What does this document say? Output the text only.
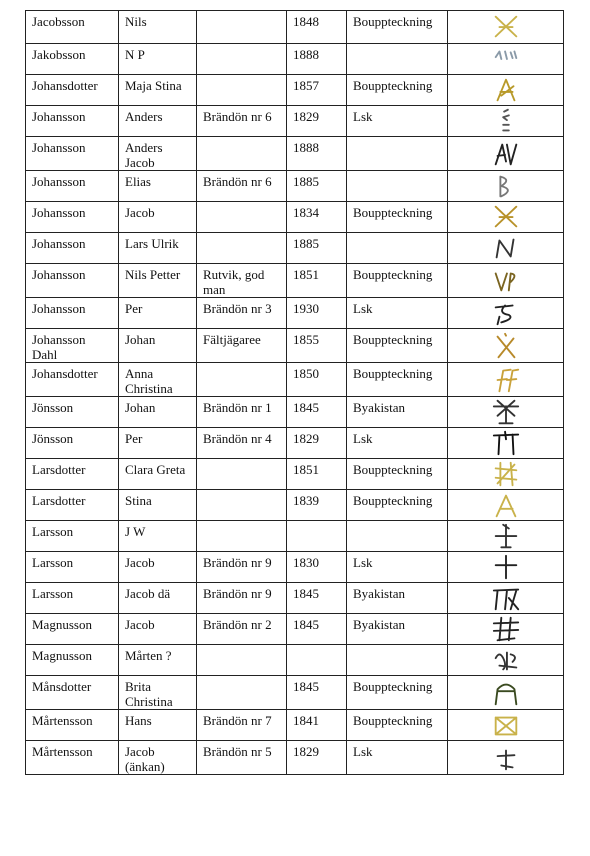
Jacobsson	Nils		1848	Bouppteckning	

Jakobsson	N P		1888		

Johansdotter	Maja Stina		1857	Bouppteckning	

Johansson	Anders	Brändön nr 6	1829	Lsk	

Johansson	Anders Jacob		1888		

Johansson	Elias	Brändön nr 6	1885		

Johansson	Jacob		1834	Bouppteckning	

Johansson	Lars Ulrik		1885		

Johansson	Nils Petter	Rutvik, god man	1851	Bouppteckning	

Johansson	Per	Brändön nr 3	1930	Lsk	

Johansson Dahl	Johan	Fältjägaree	1855	Bouppteckning	

Johansdotter	Anna Christina		1850	Bouppteckning	

Jönsson	Johan	Brändön nr 1	1845	Byakistan	

Jönsson	Per	Brändön nr 4	1829	Lsk	

Larsdotter	Clara Greta		1851	Bouppteckning	

Larsdotter	Stina		1839	Bouppteckning	

Larsson	J W				

Larsson	Jacob	Brändön nr 9	1830	Lsk	

Larsson	Jacob dä	Brändön nr 9	1845	Byakistan	

Magnusson	Jacob	Brändön nr 2	1845	Byakistan	

Magnusson	Mårten ?				

Månsdotter	Brita Christina		1845	Bouppteckning	

Mårtensson	Hans	Brändön nr 7	1841	Bouppteckning	

Mårtensson	Jacob (änkan)	Brändön nr 5	1829	Lsk	
